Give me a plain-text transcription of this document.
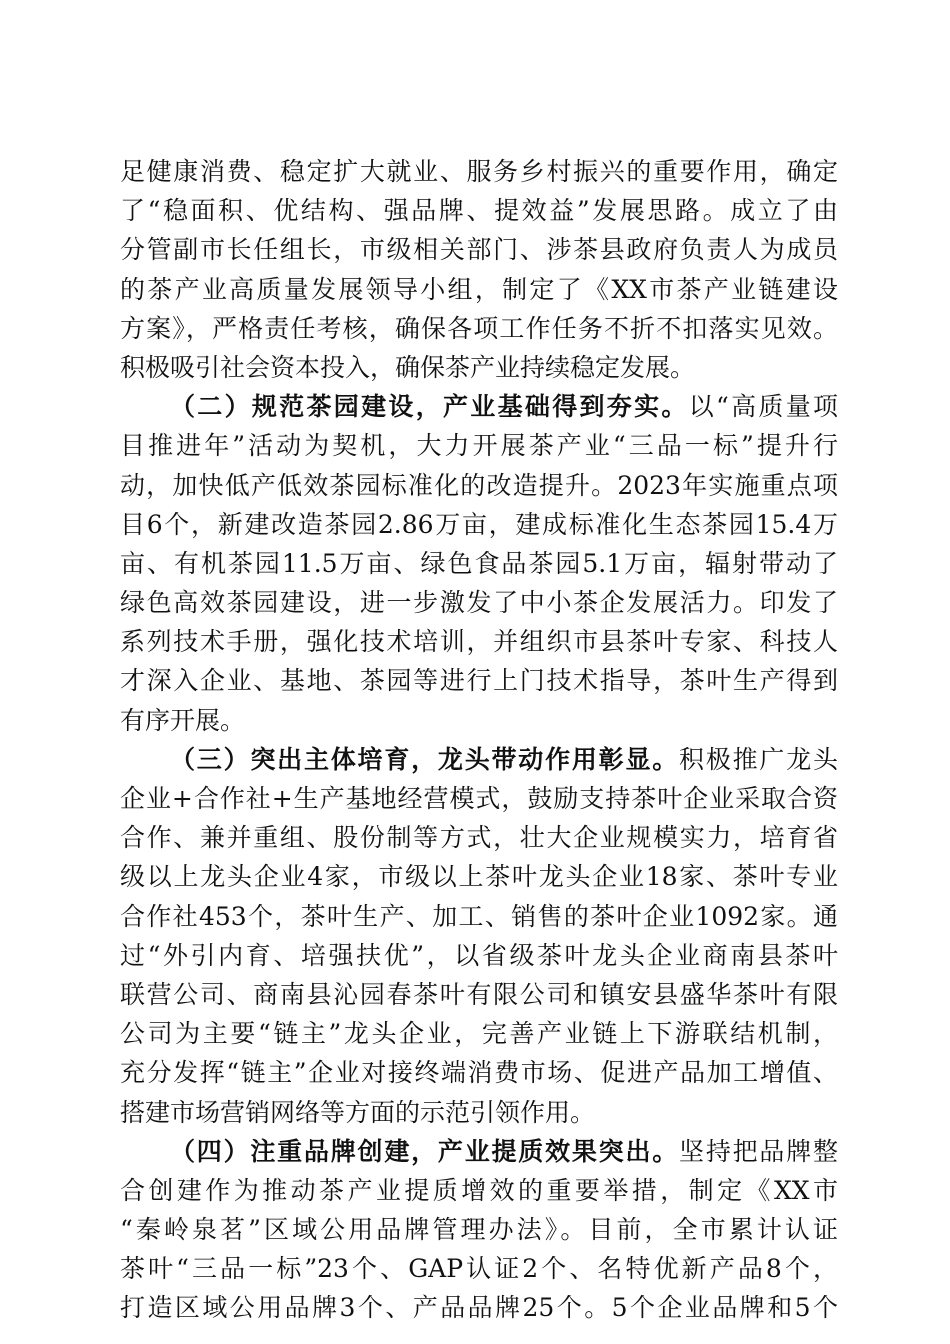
足健康消费、稳定扩大就业、服务乡村振兴的重要作用，确定
了“稳面积、优结构、强品牌、提效益”发展思路。成立了由
分管副市长任组长，市级相关部门、涉茶县政府负责人为成员
的茶产业高质量发展领导小组，制定了《XX市茶产业链建设
方案》，严格责任考核，确保各项工作任务不折不扣落实见效。
积极吸引社会资本投入，确保茶产业持续稳定发展。
（二）规范茶园建设，产业基础得到夯实。以“高质量项
目推进年”活动为契机，大力开展茶产业“三品一标”提升行
动，加快低产低效茶园标准化的改造提升。2023年实施重点项
目6个，新建改造茶园2.86万亩，建成标准化生态茶园15.4万
亩、有机茶园11.5万亩、绿色食品茶园5.1万亩，辐射带动了
绿色高效茶园建设，进一步激发了中小茶企发展活力。印发了
系列技术手册，强化技术培训，并组织市县茶叶专家、科技人
才深入企业、基地、茶园等进行上门技术指导，茶叶生产得到
有序开展。
（三）突出主体培育，龙头带动作用彰显。积极推广龙头
企业+合作社+生产基地经营模式，鼓励支持茶叶企业采取合资
合作、兼并重组、股份制等方式，壮大企业规模实力，培育省
级以上龙头企业4家，市级以上茶叶龙头企业18家、茶叶专业
合作社453个，茶叶生产、加工、销售的茶叶企业1092家。通
过“外引内育、培强扶优”，以省级茶叶龙头企业商南县茶叶
联营公司、商南县沁园春茶叶有限公司和镇安县盛华茶叶有限
公司为主要“链主”龙头企业，完善产业链上下游联结机制，
充分发挥“链主”企业对接终端消费市场、促进产品加工增值、
搭建市场营销网络等方面的示范引领作用。
（四）注重品牌创建，产业提质效果突出。坚持把品牌整
合创建作为推动茶产业提质增效的重要举措，制定《XX市
“秦岭泉茗”区域公用品牌管理办法》。目前，全市累计认证
茶叶“三品一标”23个、GAP认证2个、名特优新产品8个，
打造区域公用品牌3个、产品品牌25个。5个企业品牌和5个
